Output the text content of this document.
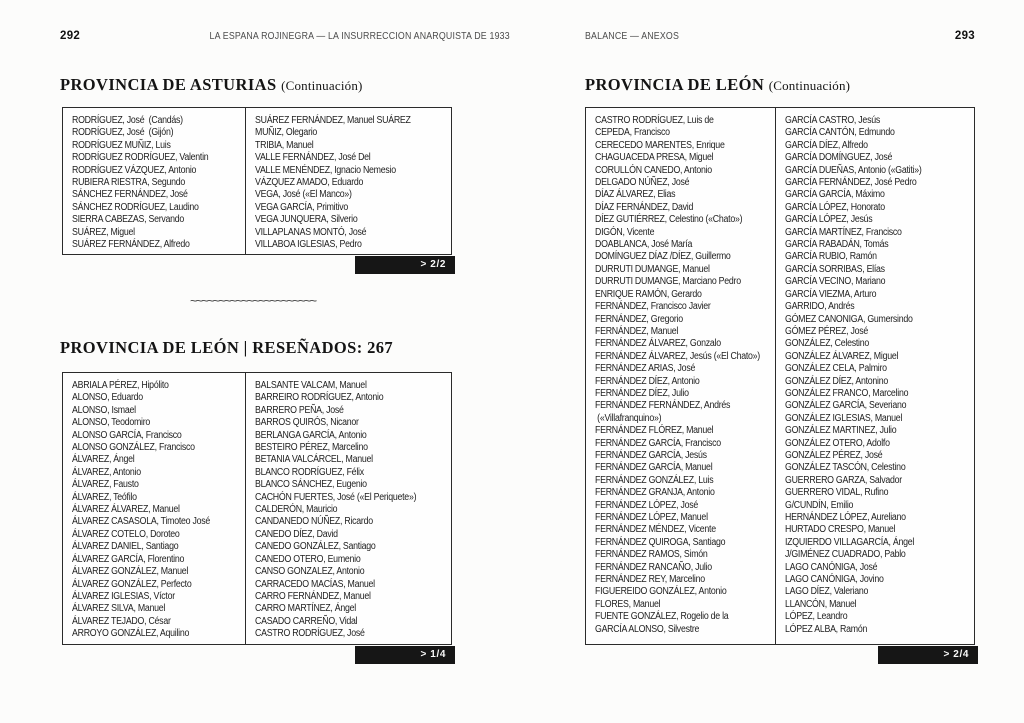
292	LA ESPAÑA ROJINEGRA — LA INSURRECCIÓN ANARQUISTA DE 1933
PROVINCIA DE ASTURIAS (Continuación)
RODRÍGUEZ, José  (Candás)
RODRÍGUEZ, José  (Gijón)
RODRÍGUEZ MUÑIZ, Luis
RODRÍGUEZ RODRÍGUEZ, Valentin
RODRÍGUEZ VÁZQUEZ, Antonio
RUBIERA RIESTRA, Segundo
SÁNCHEZ FERNÁNDEZ, José
SÁNCHEZ RODRÍGUEZ, Laudino
SIERRA CABEZAS, Servando
SUÁREZ, Miguel
SUÁREZ FERNÁNDEZ, Alfredo
SUÁREZ FERNÁNDEZ, Manuel SUÁREZ
MUÑIZ, Olegario
TRIBIA, Manuel
VALLE FERNÁNDEZ, José Del
VALLE MENÉNDEZ, Ignacio Nemesio
VÁZQUEZ AMADO, Eduardo
VEGA, José («El Manco»)
VEGA GARCÍA, Primitivo
VEGA JUNQUERA, Silverio
VILLAPLANAS MONTÓ, José
VILLABOA IGLESIAS, Pedro
> 2/2
~~~~~~~~~~~~~~~~~~~~~~
PROVINCIA DE LEÓN | RESEÑADOS: 267
ABRIALA PÉREZ, Hipólito
ALONSO, Eduardo
ALONSO, Ismael
ALONSO, Teodomiro
ALONSO GARCÍA, Francisco
ALONSO GONZÁLEZ, Francisco
ÁLVAREZ, Ángel
ÁLVAREZ, Antonio
ÁLVAREZ, Fausto
ÁLVAREZ, Teófilo
ÁLVAREZ ÁLVAREZ, Manuel
ÁLVAREZ CASASOLA, Timoteo José
ÁLVAREZ COTELO, Doroteo
ÁLVAREZ DANIEL, Santiago
ÁLVAREZ GARCÍA, Florentino
ÁLVAREZ GONZÁLEZ, Manuel
ÁLVAREZ GONZÁLEZ, Perfecto
ÁLVAREZ IGLESIAS, Víctor
ÁLVAREZ SILVA, Manuel
ÁLVAREZ TEJADO, César
ARROYO GONZÁLEZ, Aquilino
BALSANTE VALCAM, Manuel
BARREIRO RODRÍGUEZ, Antonio
BARRERO PEÑA, José
BARROS QUIRÓS, Nicanor
BERLANGA GARCÍA, Antonio
BESTEIRO PÉREZ, Marcelino
BETANIA VALCÁRCEL, Manuel
BLANCO RODRÍGUEZ, Félix
BLANCO SÁNCHEZ, Eugenio
CACHÓN FUERTES, José («El Periquete»)
CALDERÓN, Mauricio
CANDANEDO NÚÑEZ, Ricardo
CANEDO DÍEZ, David
CANEDO GONZÁLEZ, Santiago
CANEDO OTERO, Eumenio
CANSO GONZALEZ, Antonio
CARRACEDO MACÍAS, Manuel
CARRO FERNÁNDEZ, Manuel
CARRO MARTÍNEZ, Ángel
CASADO CARREÑO, Vidal
CASTRO RODRÍGUEZ, José
> 1/4
BALANCE — ANEXOS	293
PROVINCIA DE LEÓN (Continuación)
CASTRO RODRÍGUEZ, Luis de
CEPEDA, Francisco
CERECEDO MARENTES, Enrique
CHAGUACEDA PRESA, Miguel
CORULLÓN CANEDO, Antonio
DELGADO NÚÑEZ, José
DÍAZ ÁLVAREZ, Elias
DÍAZ FERNÁNDEZ, David
DÍEZ GUTIÉRREZ, Celestino («Chato»)
DIGÓN, Vicente
DOABLANCA, José María
DOMÍNGUEZ DÍAZ /DÍEZ, Guillermo
DURRUTI DUMANGE, Manuel
DURRUTI DUMANGE, Marciano Pedro
ENRIQUE RAMÓN, Gerardo
FERNÁNDEZ, Francisco Javier
FERNÁNDEZ, Gregorio
FERNÁNDEZ, Manuel
FERNÁNDEZ ÁLVAREZ, Gonzalo
FERNÁNDEZ ÁLVAREZ, Jesús («El Chato»)
FERNÁNDEZ ARIAS, José
FERNÁNDEZ DÍEZ, Antonio
FERNÁNDEZ DÍEZ, Julio
FERNÁNDEZ FERNÁNDEZ, Andrés
(«Villafranquino»)
FERNÁNDEZ FLÓREZ, Manuel
FERNÁNDEZ GARCÍA, Francisco
FERNÁNDEZ GARCÍA, Jesús
FERNÁNDEZ GARCÍA, Manuel
FERNÁNDEZ GONZÁLEZ, Luis
FERNÁNDEZ GRANJA, Antonio
FERNÁNDEZ LÓPEZ, José
FERNÁNDEZ LÓPEZ, Manuel
FERNÁNDEZ MÉNDEZ, Vicente
FERNÁNDEZ QUIROGA, Santiago
FERNÁNDEZ RAMOS, Simón
FERNÁNDEZ RANCAÑO, Julio
FERNÁNDEZ REY, Marcelino
FIGUEREIDO GONZÁLEZ, Antonio
FLORES, Manuel
FUENTE GONZÁLEZ, Rogelio de la
GARCÍA ALONSO, Silvestre
GARCÍA CASTRO, Jesús
GARCÍA CANTÓN, Edmundo
GARCÍA DÍEZ, Alfredo
GARCÍA DOMÍNGUEZ, José
GARCÍA DUEÑAS, Antonio («Gatiti»)
GARCÍA FERNÁNDEZ, José Pedro
GARCÍA GARCÍA, Máximo
GARCÍA LÓPEZ, Honorato
GARCÍA LÓPEZ, Jesús
GARCÍA MARTÍNEZ, Francisco
GARCÍA RABADÁN, Tomás
GARCÍA RUBIO, Ramón
GARCÍA SORRIBAS, Elías
GARCÍA VECINO, Mariano
GARCÍA VIEZMA, Arturo
GARRIDO, Andrés
GÓMEZ CANONIGA, Gumersindo
GÓMEZ PÉREZ, José
GONZÁLEZ, Celestino
GONZÁLEZ ÁLVAREZ, Miguel
GONZÁLEZ CELA, Palmiro
GONZÁLEZ DÍEZ, Antonino
GONZÁLEZ FRANCO, Marcelino
GONZÁLEZ GARCÍA, Severiano
GONZÁLEZ IGLESIAS, Manuel
GONZÁLEZ MARTINEZ, Julio
GONZÁLEZ OTERO, Adolfo
GONZÁLEZ PÉREZ, José
GONZÁLEZ TASCÓN, Celestino
GUERRERO GARZA, Salvador
GUERRERO VIDAL, Rufino
G/CUNDÍN, Emilio
HERNÁNDEZ LÓPEZ, Aureliano
HURTADO CRESPO, Manuel
IZQUIERDO VILLAGARCÍA, Ángel
J/GIMÉNEZ CUADRADO, Pablo
LAGO CANÓNIGA, José
LAGO CANÓNIGA, Jovino
LAGO DÍEZ, Valeriano
LLANCÓN, Manuel
LÓPEZ, Leandro
LÓPEZ ALBA, Ramón
> 2/4
